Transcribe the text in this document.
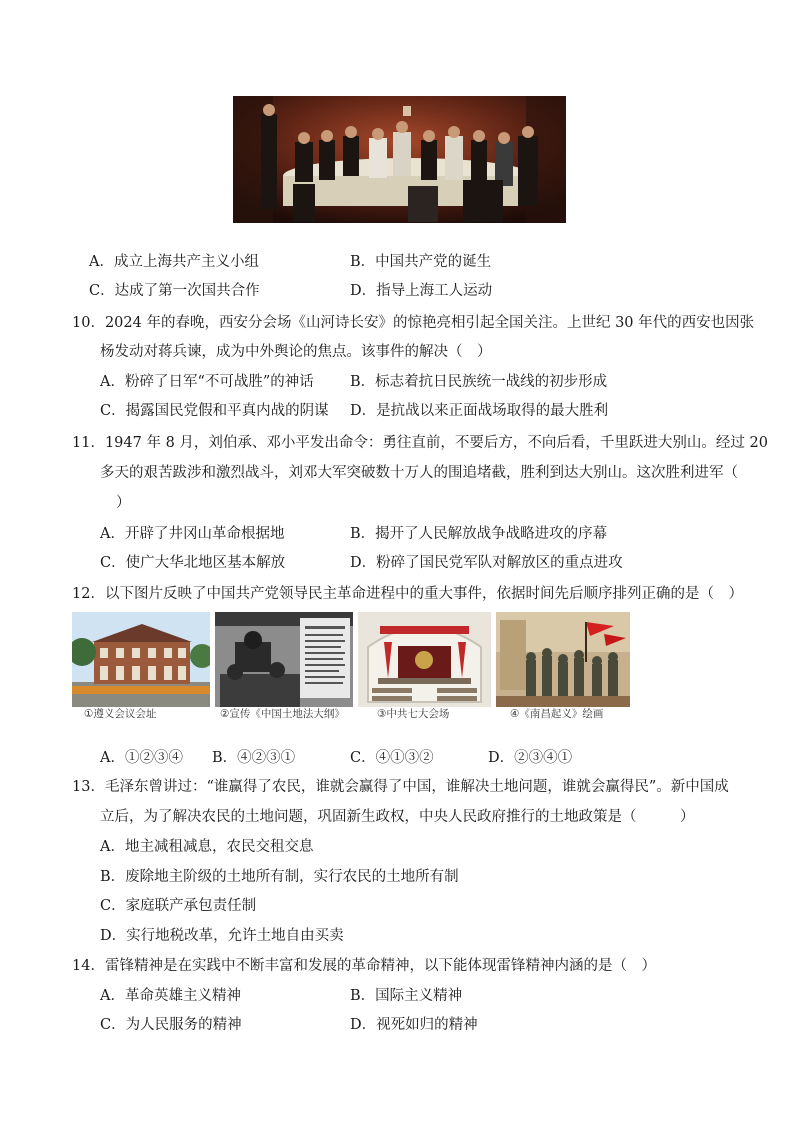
A．成立上海共产主义小组	B．中国共产党的诞生
C．达成了第一次国共合作	D．指导上海工人运动
10．2024 年的春晚，西安分会场《山河诗长安》的惊艳亮相引起全国关注。上世纪 30 年代的西安也因张
杨发动对蒋兵谏，成为中外舆论的焦点。该事件的解决（　）
A．粉碎了日军“不可战胜”的神话 B．标志着抗日民族统一战线的初步形成
C．揭露国民党假和平真内战的阴谋 D．是抗战以来正面战场取得的最大胜利
11．1947 年 8 月，刘伯承、邓小平发出命令：勇往直前，不要后方，不向后看，千里跃进大别山。经过 20
多天的艰苦跋涉和激烈战斗，刘邓大军突破数十万人的围追堵截，胜利到达大别山。这次胜利进军（
）
A．开辟了井冈山革命根据地	B．揭开了人民解放战争战略进攻的序幕
C．使广大华北地区基本解放	D．粉碎了国民党军队对解放区的重点进攻
12．以下图片反映了中国共产党领导民主革命进程中的重大事件，依据时间先后顺序排列正确的是（　）
①遵义会议会址	②宣传《中国土地法大纲》	③中共七大会场	④《南昌起义》绘画
A．①②③④ B．④②③①	C．④①③②	D．②③④①
13．毛泽东曾讲过：“谁赢得了农民，谁就会赢得了中国，谁解决土地问题，谁就会赢得民”。新中国成
立后，为了解决农民的土地问题，巩固新生政权，中央人民政府推行的土地政策是（　　　）
A．地主减租减息，农民交租交息
B．废除地主阶级的土地所有制，实行农民的土地所有制
C．家庭联产承包责任制
D．实行地税改革，允许土地自由买卖
14．雷锋精神是在实践中不断丰富和发展的革命精神，以下能体现雷锋精神内涵的是（　）
A．革命英雄主义精神	B．国际主义精神
C．为人民服务的精神	D．视死如归的精神
